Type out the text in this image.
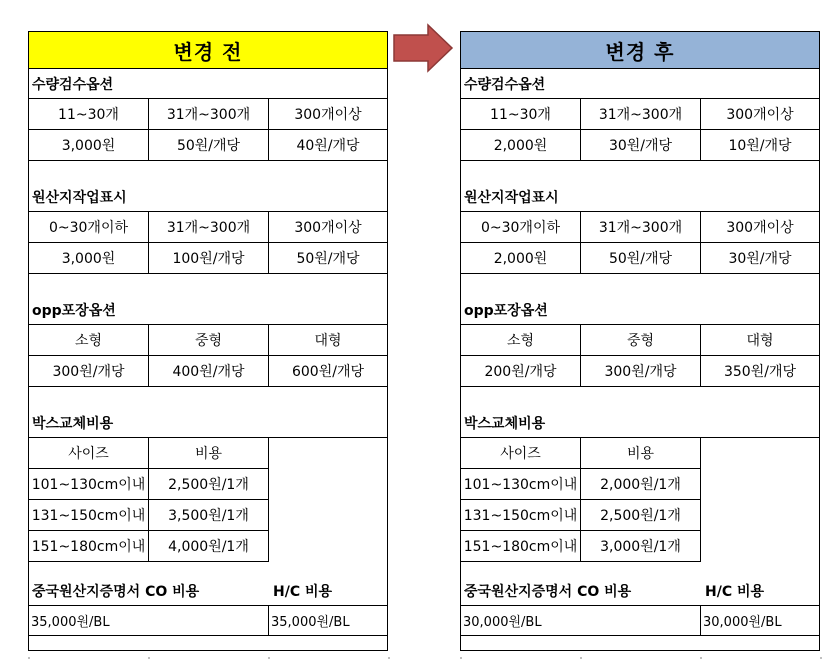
변경 전
수량검수옵션
11~30개	31개~300개	300개이상
3,000원	50원/개당	40원/개당
원산지작업표시
0~30개이하	31개~300개	300개이상
3,000원	100원/개당	50원/개당
opp포장옵션
소형	중형	대형
300원/개당	400원/개당	600원/개당
박스교체비용
사이즈	비용
101~130cm이내	2,500원/1개
131~150cm이내	3,500원/1개
151~180cm이내	4,000원/1개
중국원산지증명서 CO 비용	H/C 비용
35,000원/BL	35,000원/BL
변경 후
수량검수옵션
11~30개	31개~300개	300개이상
2,000원	30원/개당	10원/개당
원산지작업표시
0~30개이하	31개~300개	300개이상
2,000원	50원/개당	30원/개당
opp포장옵션
소형	중형	대형
200원/개당	300원/개당	350원/개당
박스교체비용
사이즈	비용
101~130cm이내	2,000원/1개
131~150cm이내	2,500원/1개
151~180cm이내	3,000원/1개
중국원산지증명서 CO 비용	H/C 비용
30,000원/BL	30,000원/BL
